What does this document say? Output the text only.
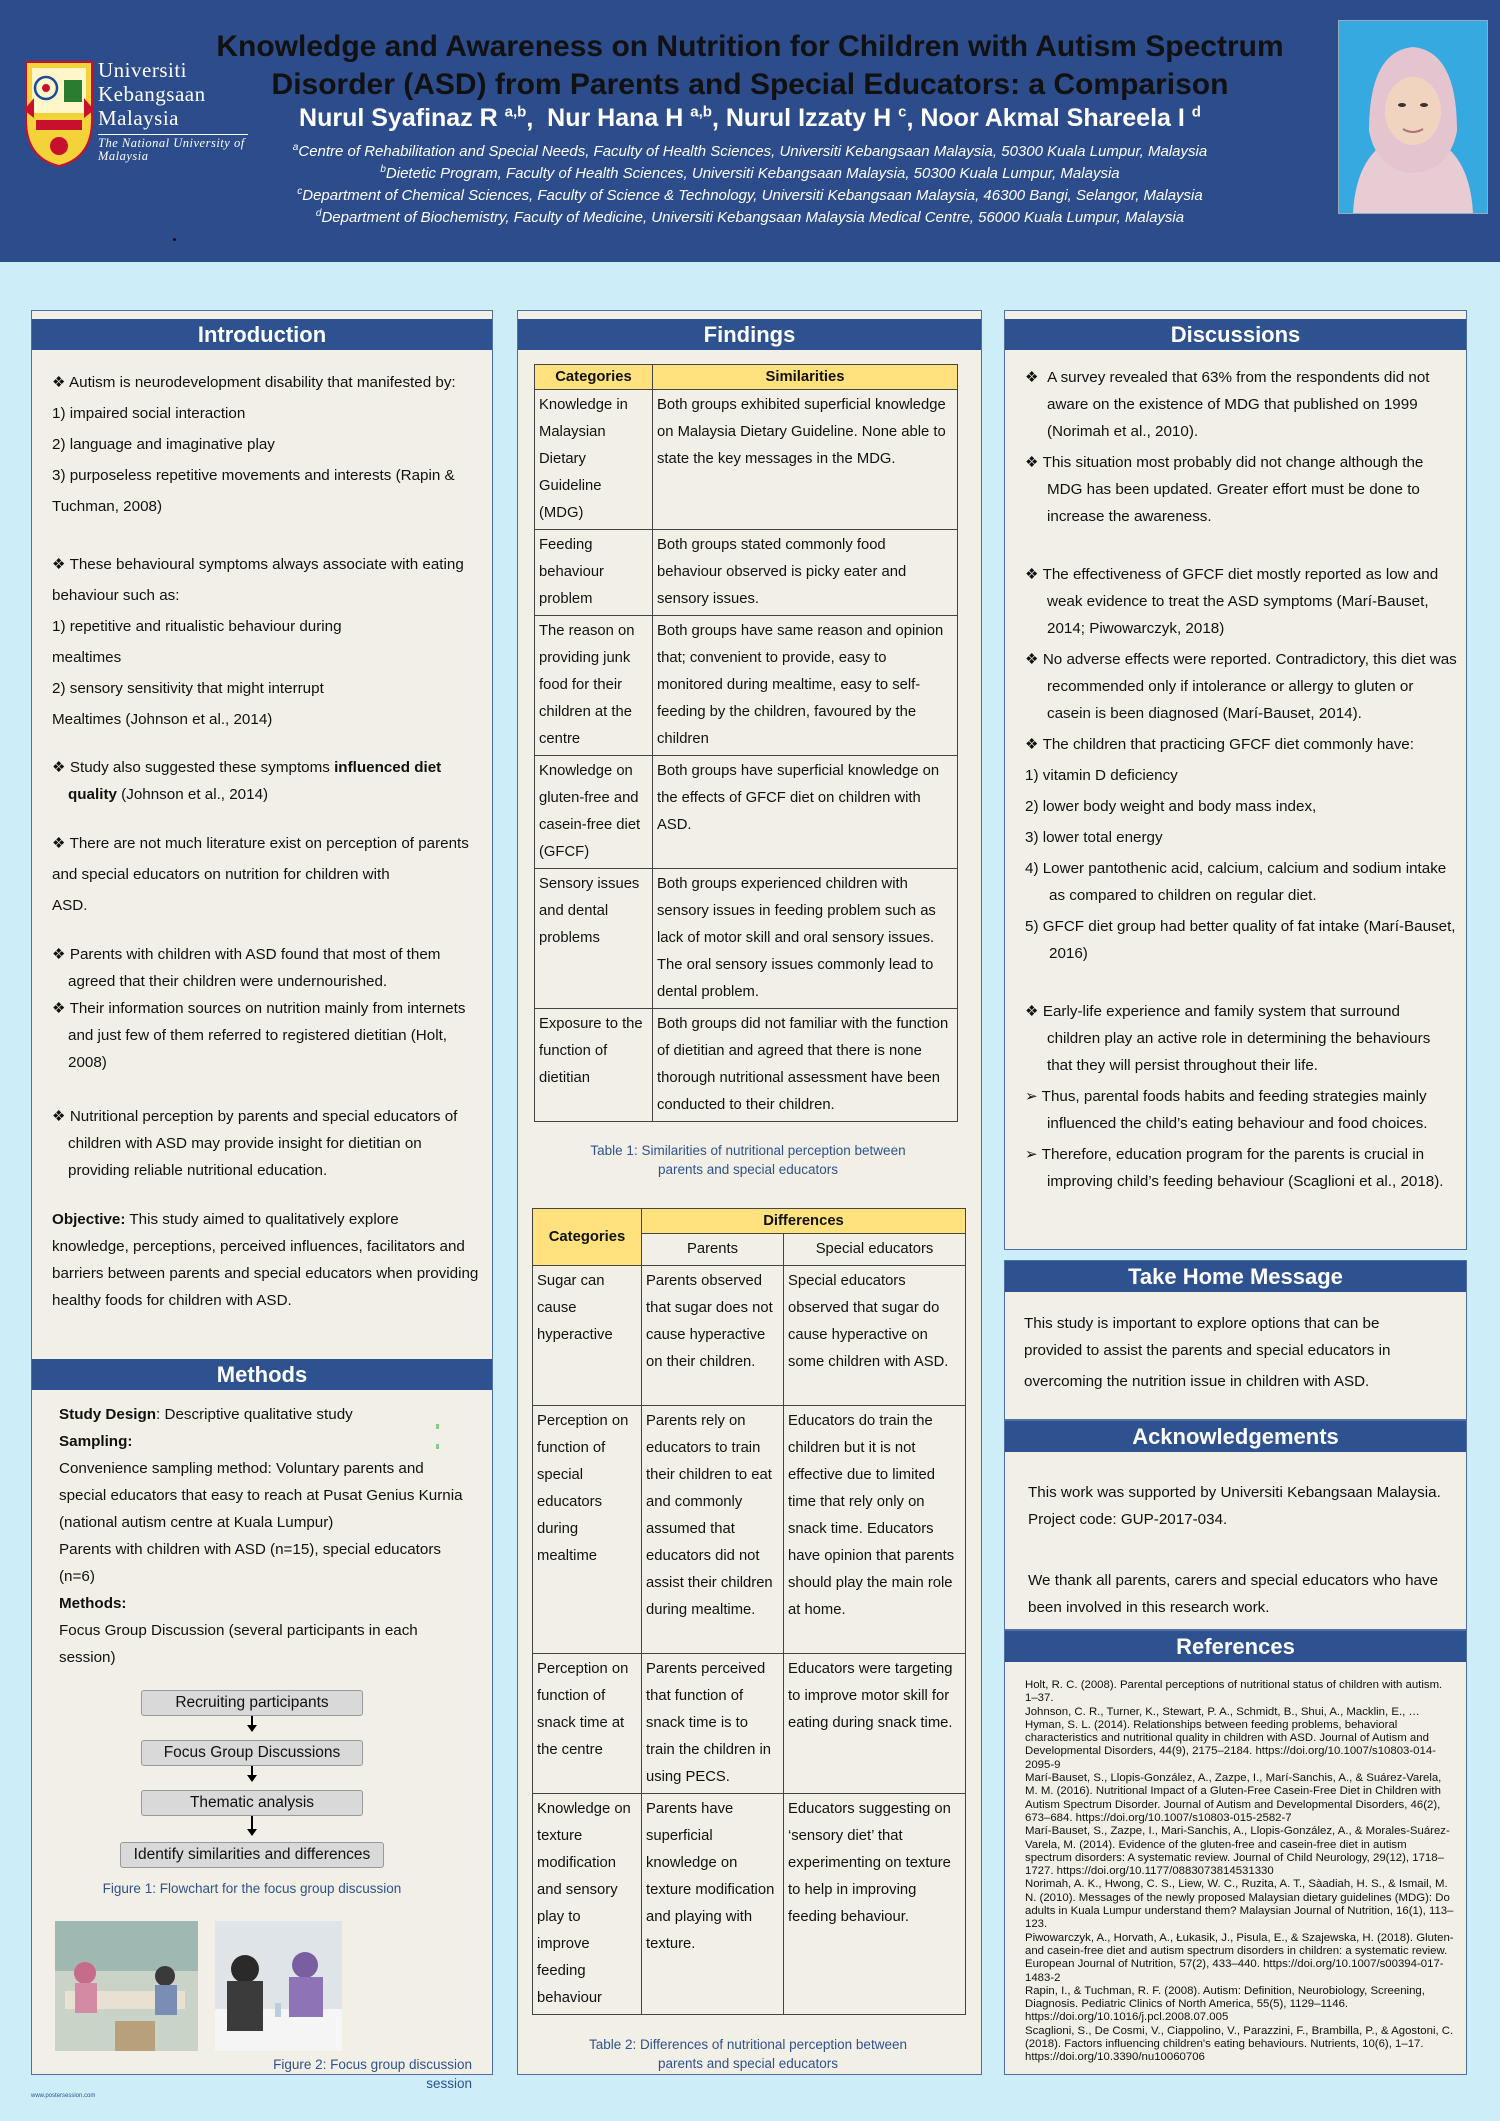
Universiti
Kebangsaan
Malaysia
The National University of Malaysia
Knowledge and Awareness on Nutrition for Children with Autism Spectrum
Disorder (ASD) from Parents and Special Educators: a Comparison

Nurul Syafinaz R $^{a,b}$,  Nur Hana H $^{a,b}$, Nurul Izzaty H $^c$, Noor Akmal Shareela I $^d$

$^a$Centre of Rehabilitation and Special Needs, Faculty of Health Sciences, Universiti Kebangsaan Malaysia, 50300 Kuala Lumpur, Malaysia

$^b$Dietetic Program, Faculty of Health Sciences, Universiti Kebangsaan Malaysia, 50300 Kuala Lumpur, Malaysia

$^c$Department of Chemical Sciences, Faculty of Science & Technology, Universiti Kebangsaan Malaysia, 46300 Bangi, Selangor, Malaysia

$^d$Department of Biochemistry, Faculty of Medicine, Universiti Kebangsaan Malaysia Medical Centre, 56000 Kuala Lumpur, Malaysia

Introduction

❖ Autism is neurodevelopment disability that manifested by:

1) impaired social interaction

2) language and imaginative play

3) purposeless repetitive movements and interests (Rapin &

Tuchman, 2008)

❖ These behavioural symptoms always associate with eating

behaviour such as:

1) repetitive and ritualistic behaviour during

mealtimes

2) sensory sensitivity that might interrupt

Mealtimes (Johnson et al., 2014)

❖ Study also suggested these symptoms influenced diet

quality (Johnson et al., 2014)

❖ There are not much literature exist on perception of parents

and special educators on nutrition for children with

ASD.

❖ Parents with children with ASD found that most of them

agreed that their children were undernourished.

❖ Their information sources on nutrition mainly from internets

and just few of them referred to registered dietitian (Holt,

2008)

❖ Nutritional perception by parents and special educators of

children with ASD may provide insight for dietitian on

providing reliable nutritional education.

Objective: This study aimed to qualitatively explore

knowledge, perceptions, perceived influences, facilitators and

barriers between parents and special educators when providing

healthy foods for children with ASD.

Methods

Study Design: Descriptive qualitative study

Sampling:

Convenience sampling method: Voluntary parents and

special educators that easy to reach at Pusat Genius Kurnia

(national autism centre at Kuala Lumpur)

Parents with children with ASD (n=15), special educators

(n=6)

Methods:

Focus Group Discussion (several participants in each

session)

Recruiting participants
Focus Group Discussions
Thematic analysis
Identify similarities and differences
Figure 1: Flowchart for the focus group discussion
Figure 2: Focus group discussion session
Findings
Categories	Similarities
Knowledge in Malaysian Dietary Guideline (MDG)	Both groups exhibited superficial knowledge on Malaysia Dietary Guideline. None able to state the key messages in the MDG.
Feeding behaviour problem	Both groups stated commonly food behaviour observed is picky eater and sensory issues.
The reason on providing junk food for their children at the centre	Both groups have same reason and opinion that; convenient to provide, easy to monitored during mealtime, easy to self-feeding by the children, favoured by the children
Knowledge on gluten-free and casein-free diet (GFCF)	Both groups have superficial knowledge on the effects of GFCF diet on children with ASD.
Sensory issues and dental problems	Both groups experienced children with sensory issues in feeding problem such as lack of motor skill and oral sensory issues. The oral sensory issues commonly lead to dental problem.
Exposure to the function of dietitian	Both groups did not familiar with the function of dietitian and agreed that there is none thorough nutritional assessment have been conducted to their children.
Table 1: Similarities of nutritional perception between
parents and special educators
Categories	Differences	
	Parents	Special educators
Sugar can cause hyperactive	Parents observed that sugar does not cause hyperactive on their children.	Special educators observed that sugar do cause hyperactive on some children with ASD.
Perception on function of special educators during mealtime	Parents rely on educators to train their children to eat and commonly assumed that educators did not assist their children during mealtime.	Educators do train the children but it is not effective due to limited time that rely only on snack time. Educators have opinion that parents should play the main role at home.
Perception on function of snack time at the centre	Parents perceived that function of snack time is to train the children in using PECS.	Educators were targeting to improve motor skill for eating during snack time.
Knowledge on texture modification and sensory play to improve feeding behaviour	Parents have superficial knowledge on texture modification and playing with texture.	Educators suggesting on ‘sensory diet’ that experimenting on texture to help in improving feeding behaviour.
Table 2: Differences of nutritional perception between
parents and special educators
Discussions

❖  A survey revealed that 63% from the respondents did not aware on the existence of MDG that published on 1999 (Norimah et al., 2010).

❖ This situation most probably did not change although the MDG has been updated. Greater effort must be done to increase the awareness.

❖ The effectiveness of GFCF diet mostly reported as low and weak evidence to treat the ASD symptoms (Marí-Bauset, 2014; Piwowarczyk, 2018)

❖ No adverse effects were reported. Contradictory, this diet was recommended only if intolerance or allergy to gluten or casein is been diagnosed (Marí-Bauset, 2014).

❖ The children that practicing GFCF diet commonly have:

1) vitamin D deficiency

2) lower body weight and body mass index,

3) lower total energy

4) Lower pantothenic acid, calcium, calcium and sodium intake as compared to children on regular diet.

5) GFCF diet group had better quality of fat intake (Marí-Bauset, 2016)

❖ Early-life experience and family system that surround children play an active role in determining the behaviours that they will persist throughout their life.

➢ Thus, parental foods habits and feeding strategies mainly influenced the child’s eating behaviour and food choices.

➢ Therefore, education program for the parents is crucial in improving child’s feeding behaviour (Scaglioni et al., 2018).

Take Home Message

This study is important to explore options that can be

provided to assist the parents and special educators in

overcoming the nutrition issue in children with ASD.

Acknowledgements

This work was supported by Universiti Kebangsaan Malaysia.

Project code: GUP-2017-034.

We thank all parents, carers and special educators who have

been involved in this research work.

References

Holt, R. C. (2008). Parental perceptions of nutritional status of children with autism. 1–37.

Johnson, C. R., Turner, K., Stewart, P. A., Schmidt, B., Shui, A., Macklin, E., … Hyman, S. L. (2014). Relationships between feeding problems, behavioral characteristics and nutritional quality in children with ASD. Journal of Autism and Developmental Disorders, 44(9), 2175–2184. https://doi.org/10.1007/s10803-014-2095-9

Marí-Bauset, S., Llopis-González, A., Zazpe, I., Marí-Sanchis, A., & Suárez-Varela, M. M. (2016). Nutritional Impact of a Gluten-Free Casein-Free Diet in Children with Autism Spectrum Disorder. Journal of Autism and Developmental Disorders, 46(2), 673–684. https://doi.org/10.1007/s10803-015-2582-7

Marí-Bauset, S., Zazpe, I., Mari-Sanchis, A., Llopis-González, A., & Morales-Suárez-Varela, M. (2014). Evidence of the gluten-free and casein-free diet in autism spectrum disorders: A systematic review. Journal of Child Neurology, 29(12), 1718–1727. https://doi.org/10.1177/0883073814531330

Norimah, A. K., Hwong, C. S., Liew, W. C., Ruzita, A. T., Sàadiah, H. S., & Ismail, M. N. (2010). Messages of the newly proposed Malaysian dietary guidelines (MDG): Do adults in Kuala Lumpur understand them? Malaysian Journal of Nutrition, 16(1), 113–123.

Piwowarczyk, A., Horvath, A., Łukasik, J., Pisula, E., & Szajewska, H. (2018). Gluten- and casein-free diet and autism spectrum disorders in children: a systematic review. European Journal of Nutrition, 57(2), 433–440. https://doi.org/10.1007/s00394-017-1483-2

Rapin, I., & Tuchman, R. F. (2008). Autism: Definition, Neurobiology, Screening, Diagnosis. Pediatric Clinics of North America, 55(5), 1129–1146. https://doi.org/10.1016/j.pcl.2008.07.005

Scaglioni, S., De Cosmi, V., Ciappolino, V., Parazzini, F., Brambilla, P., & Agostoni, C. (2018). Factors influencing children's eating behaviours. Nutrients, 10(6), 1–17. https://doi.org/10.3390/nu10060706

www.postersession.com
